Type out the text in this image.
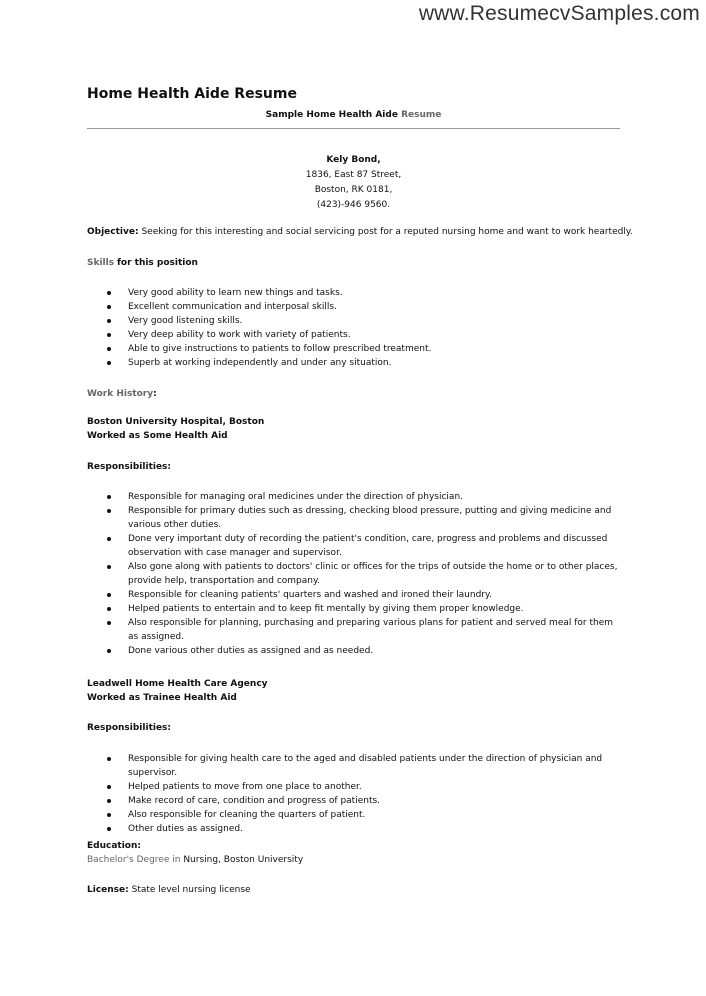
www.ResumecvSamples.com
Home Health Aide Resume
Sample Home Health Aide Resume
Kely Bond,
1836, East 87 Street,
Boston, RK 0181,
(423)-946 9560.
Objective: Seeking for this interesting and social servicing post for a reputed nursing home and want to work heartedly.
Skills for this position
Very good ability to learn new things and tasks.
Excellent communication and interposal skills.
Very good listening skills.
Very deep ability to work with variety of patients.
Able to give instructions to patients to follow prescribed treatment.
Superb at working independently and under any situation.
Work History:
Boston University Hospital, Boston
Worked as Some Health Aid
Responsibilities:
Responsible for managing oral medicines under the direction of physician.
Responsible for primary duties such as dressing, checking blood pressure, putting and giving medicine and various other duties.
Done very important duty of recording the patient's condition, care, progress and problems and discussed observation with case manager and supervisor.
Also gone along with patients to doctors' clinic or offices for the trips of outside the home or to other places, provide help, transportation and company.
Responsible for cleaning patients' quarters and washed and ironed their laundry.
Helped patients to entertain and to keep fit mentally by giving them proper knowledge.
Also responsible for planning, purchasing and preparing various plans for patient and served meal for them as assigned.
Done various other duties as assigned and as needed.
Leadwell Home Health Care Agency
Worked as Trainee Health Aid
Responsibilities:
Responsible for giving health care to the aged and disabled patients under the direction of physician and supervisor.
Helped patients to move from one place to another.
Make record of care, condition and progress of patients.
Also responsible for cleaning the quarters of patient.
Other duties as assigned.
Education:
Bachelor's Degree in Nursing, Boston University
License: State level nursing license
